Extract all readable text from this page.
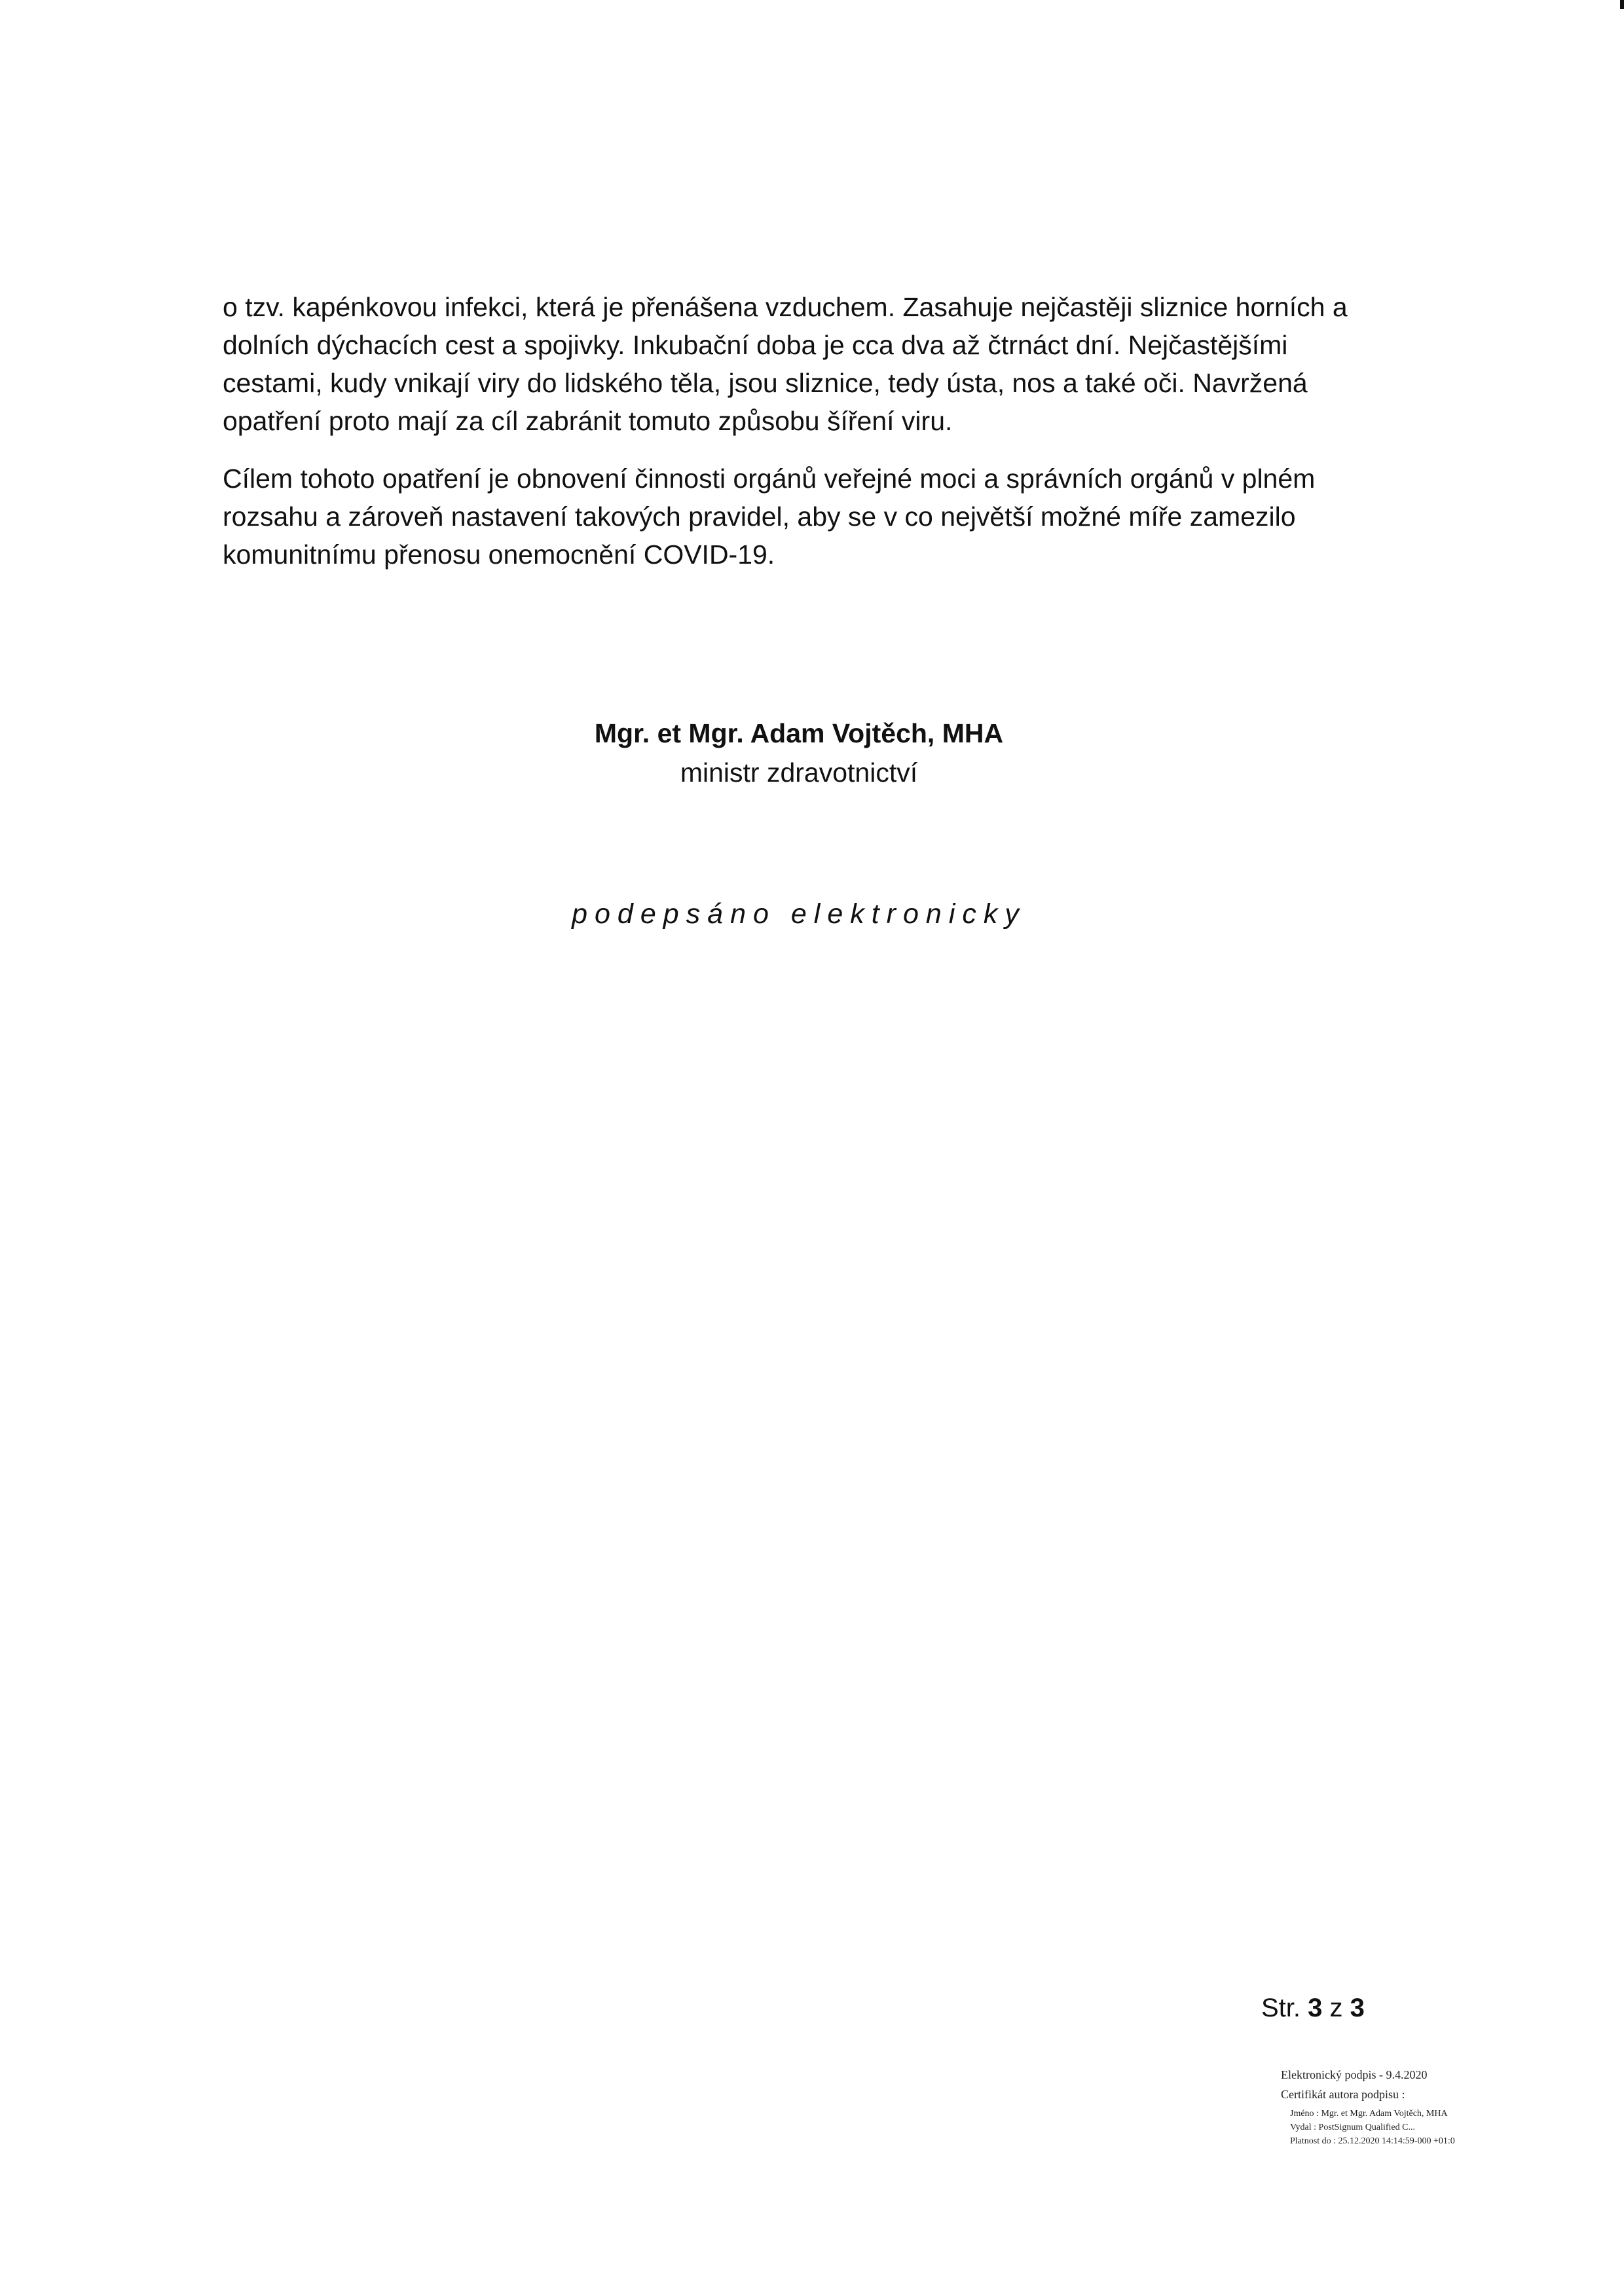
o tzv. kapénkovou infekci, která je přenášena vzduchem. Zasahuje nejčastěji sliznice horních a dolních dýchacích cest a spojivky. Inkubační doba je cca dva až čtrnáct dní. Nejčastějšími cestami, kudy vnikají viry do lidského těla, jsou sliznice, tedy ústa, nos a také oči. Navržená opatření proto mají za cíl zabránit tomuto způsobu šíření viru.

Cílem tohoto opatření je obnovení činnosti orgánů veřejné moci a správních orgánů v plném rozsahu a zároveň nastavení takových pravidel, aby se v co největší možné míře zamezilo komunitnímu přenosu onemocnění COVID-19.

Mgr. et Mgr. Adam Vojtěch, MHA
ministr zdravotnictví
podepsáno elektronicky
Str. 3 z 3
Elektronický podpis - 9.4.2020
Certifikát autora podpisu :
Jméno : Mgr. et Mgr. Adam Vojtěch, MHA
Vydal : PostSignum Qualified C...
Platnost do : 25.12.2020 14:14:59-000 +01:0
